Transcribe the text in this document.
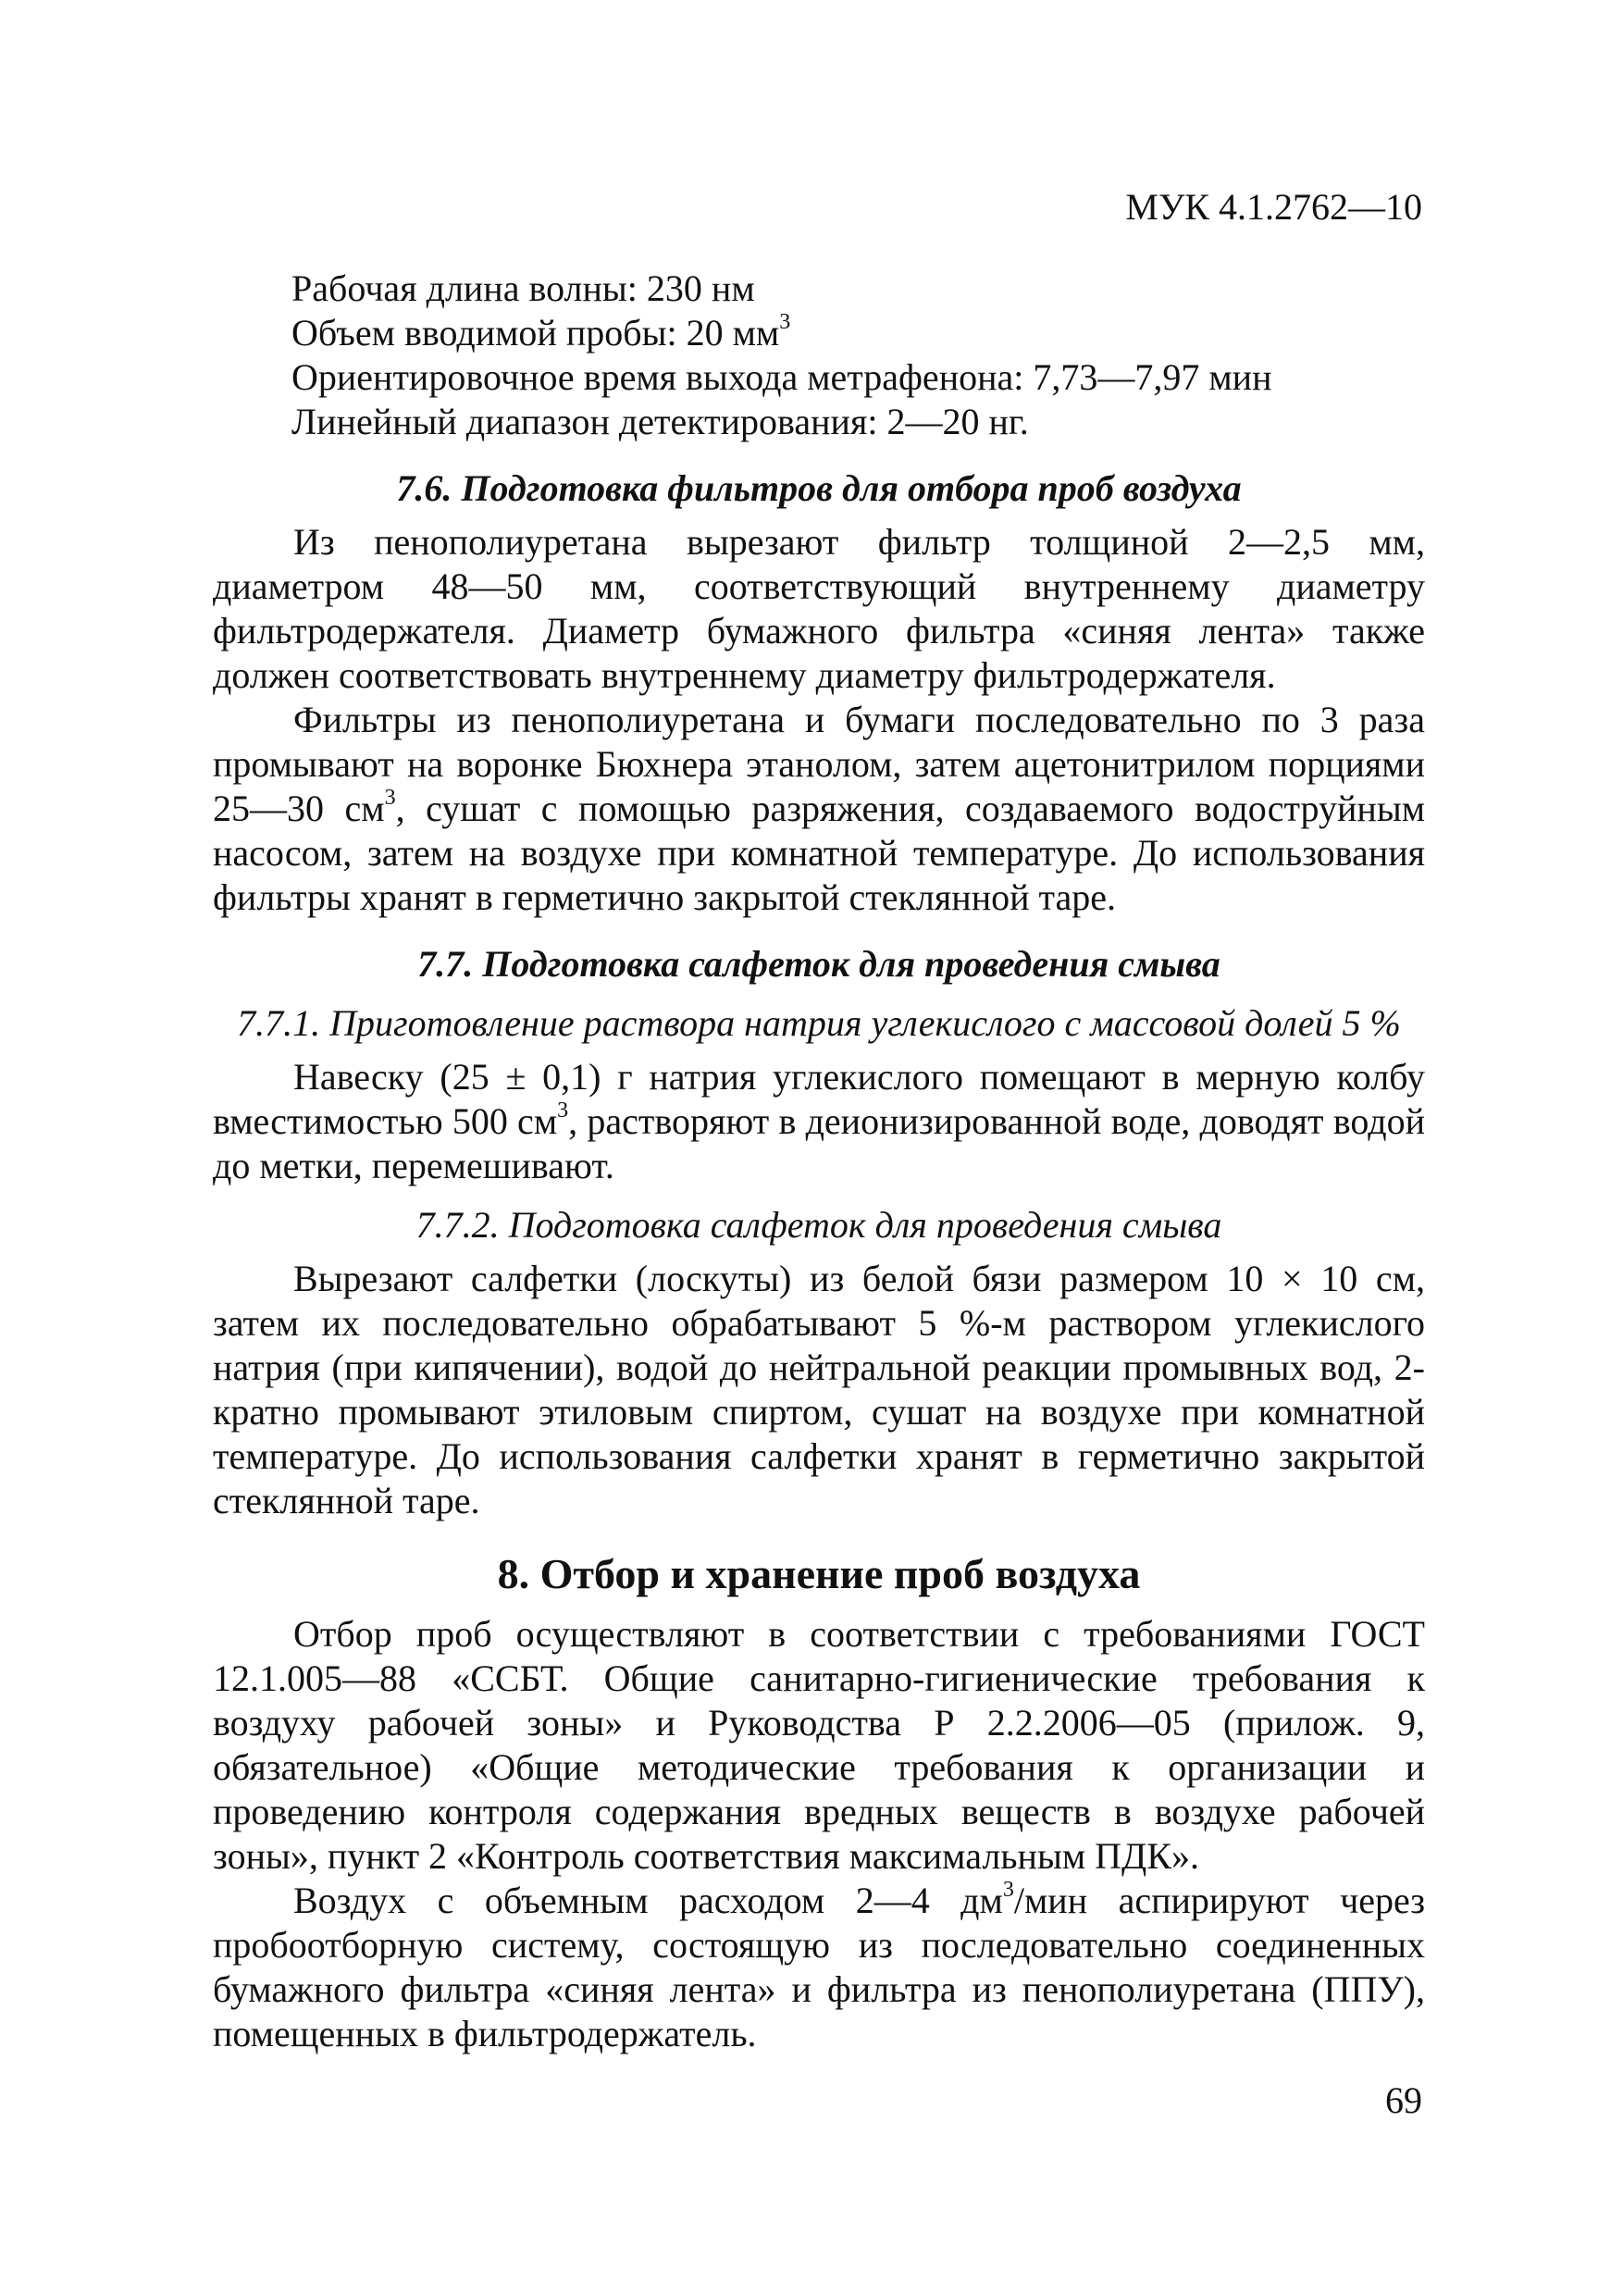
МУК 4.1.2762—10
Рабочая длина волны: 230 нм
Объем вводимой пробы: 20 $мм^3$
Ориентировочное время выхода метрафенона: 7,73—7,97 мин
Линейный диапазон детектирования: 2—20 нг.
7.6. Подготовка фильтров для отбора проб воздуха

Из пенополиуретана вырезают фильтр толщиной 2—2,5 мм, диаметром 48—50 мм, соответствующий внутреннему диаметру фильтродержателя. Диаметр бумажного фильтра «синяя лента» также должен соответствовать внутреннему диаметру фильтродержателя.

Фильтры из пенополиуретана и бумаги последовательно по 3 раза промывают на воронке Бюхнера этанолом, затем ацетонитрилом порциями 25—30 $см^3$, сушат с помощью разряжения, создаваемого водоструйным насосом, затем на воздухе при комнатной температуре. До использования фильтры хранят в герметично закрытой стеклянной таре.

7.7. Подготовка салфеток для проведения смыва
7.7.1. Приготовление раствора натрия углекислого с массовой долей 5 %

Навеску (25 ± 0,1) г натрия углекислого помещают в мерную колбу вместимостью 500 $см^3$, растворяют в деионизированной воде, доводят водой до метки, перемешивают.

7.7.2. Подготовка салфеток для проведения смыва

Вырезают салфетки (лоскуты) из белой бязи размером 10 × 10 см, затем их последовательно обрабатывают 5 %-м раствором углекислого натрия (при кипячении), водой до нейтральной реакции промывных вод, 2-кратно промывают этиловым спиртом, сушат на воздухе при комнатной температуре. До использования салфетки хранят в герметично закрытой стеклянной таре.

8. Отбор и хранение проб воздуха

Отбор проб осуществляют в соответствии с требованиями ГОСТ 12.1.005—88 «ССБТ. Общие санитарно-гигиенические требования к воздуху рабочей зоны» и Руководства Р 2.2.2006—05 (прилож. 9, обязательное) «Общие методические требования к организации и проведению контроля содержания вредных веществ в воздухе рабочей зоны», пункт 2 «Контроль соответствия максимальным ПДК».

Воздух с объемным расходом 2—4 $дм^3$/мин аспирируют через пробоотборную систему, состоящую из последовательно соединенных бумажного фильтра «синяя лента» и фильтра из пенополиуретана (ППУ), помещенных в фильтродержатель.

69
